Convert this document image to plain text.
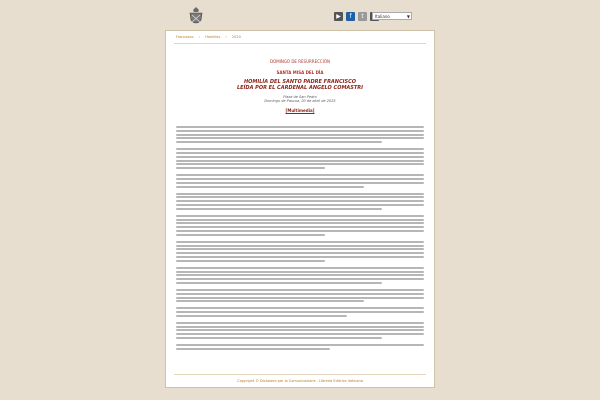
▶	f	t	Italiano	▼
Francesco › Homilies › 2020
DOMINGO DE RESURRECCIÓN
SANTA MISA DEL DÍA
HOMILÍA DEL SANTO PADRE FRANCISCO
LEÍDA POR EL CARDENAL ANGELO COMASTRI
Plaza de San Pedro
Domingo de Pascua, 20 de abril de 2025
[Multimedia]
Copyright © Dicastero per la Comunicazione - Libreria Editrice Vaticana
